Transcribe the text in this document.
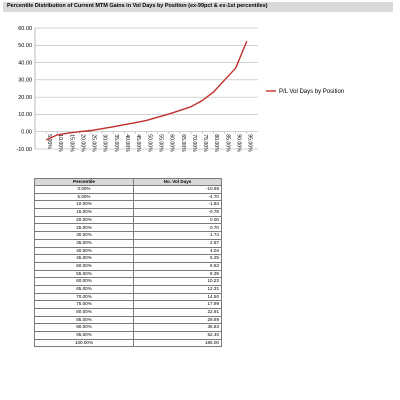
Percentile Distribution of Current MTM Gains in Vol Days by Position (ex-99pct & ex-1st percentiles)
60.00
50.00
40.00
30.00
20.00
10.00
0.00
-10.00
5.00% 10.00% 15.00% 20.00% 25.00% 30.00% 35.00% 40.00% 45.00% 50.00% 55.00% 60.00% 65.00% 70.00% 75.00% 80.00% 85.00% 90.00% 95.00%
P/L Vol Days by Position
Percentile	No. Vol Days
0.00%	-10.68
5.00%	-4.70
10.00%	-1.84
15.00%	-0.78
20.00%	0.00
25.00%	0.70
30.00%	1.74
35.00%	2.87
40.00%	4.04
45.00%	5.25
50.00%	6.53
55.00%	8.39
60.00%	10.22
65.00%	12.31
70.00%	14.50
75.00%	17.99
80.00%	22.91
85.00%	29.89
90.00%	36.83
95.00%	52.40
100.00%	186.00
